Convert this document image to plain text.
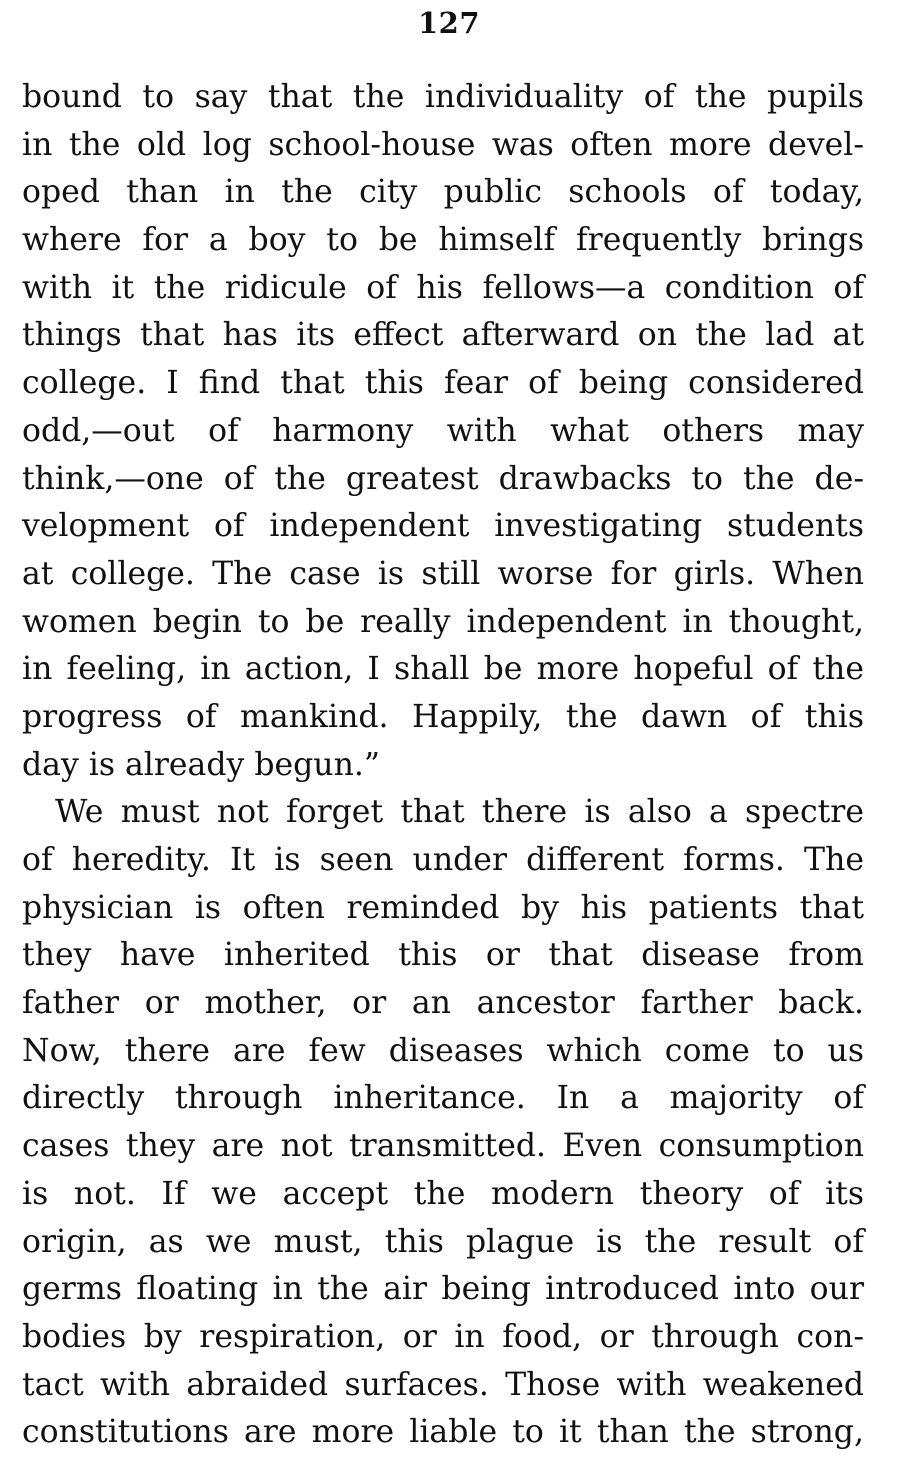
127
bound to say that the individuality of the pupils
in the old log school-house was often more devel-
oped than in the city public schools of today,
where for a boy to be himself frequently brings
with it the ridicule of his fellows—a condition of
things that has its effect afterward on the lad at
college. I find that this fear of being considered
odd,—out of harmony with what others may
think,—one of the greatest drawbacks to the de-
velopment of independent investigating students
at college. The case is still worse for girls. When
women begin to be really independent in thought,
in feeling, in action, I shall be more hopeful of the
progress of mankind. Happily, the dawn of this
day is already begun.”
We must not forget that there is also a spectre
of heredity. It is seen under different forms. The
physician is often reminded by his patients that
they have inherited this or that disease from
father or mother, or an ancestor farther back.
Now, there are few diseases which come to us
directly through inheritance. In a majority of
cases they are not transmitted. Even consumption
is not. If we accept the modern theory of its
origin, as we must, this plague is the result of
germs floating in the air being introduced into our
bodies by respiration, or in food, or through con-
tact with abraided surfaces. Those with weakened
constitutions are more liable to it than the strong,
